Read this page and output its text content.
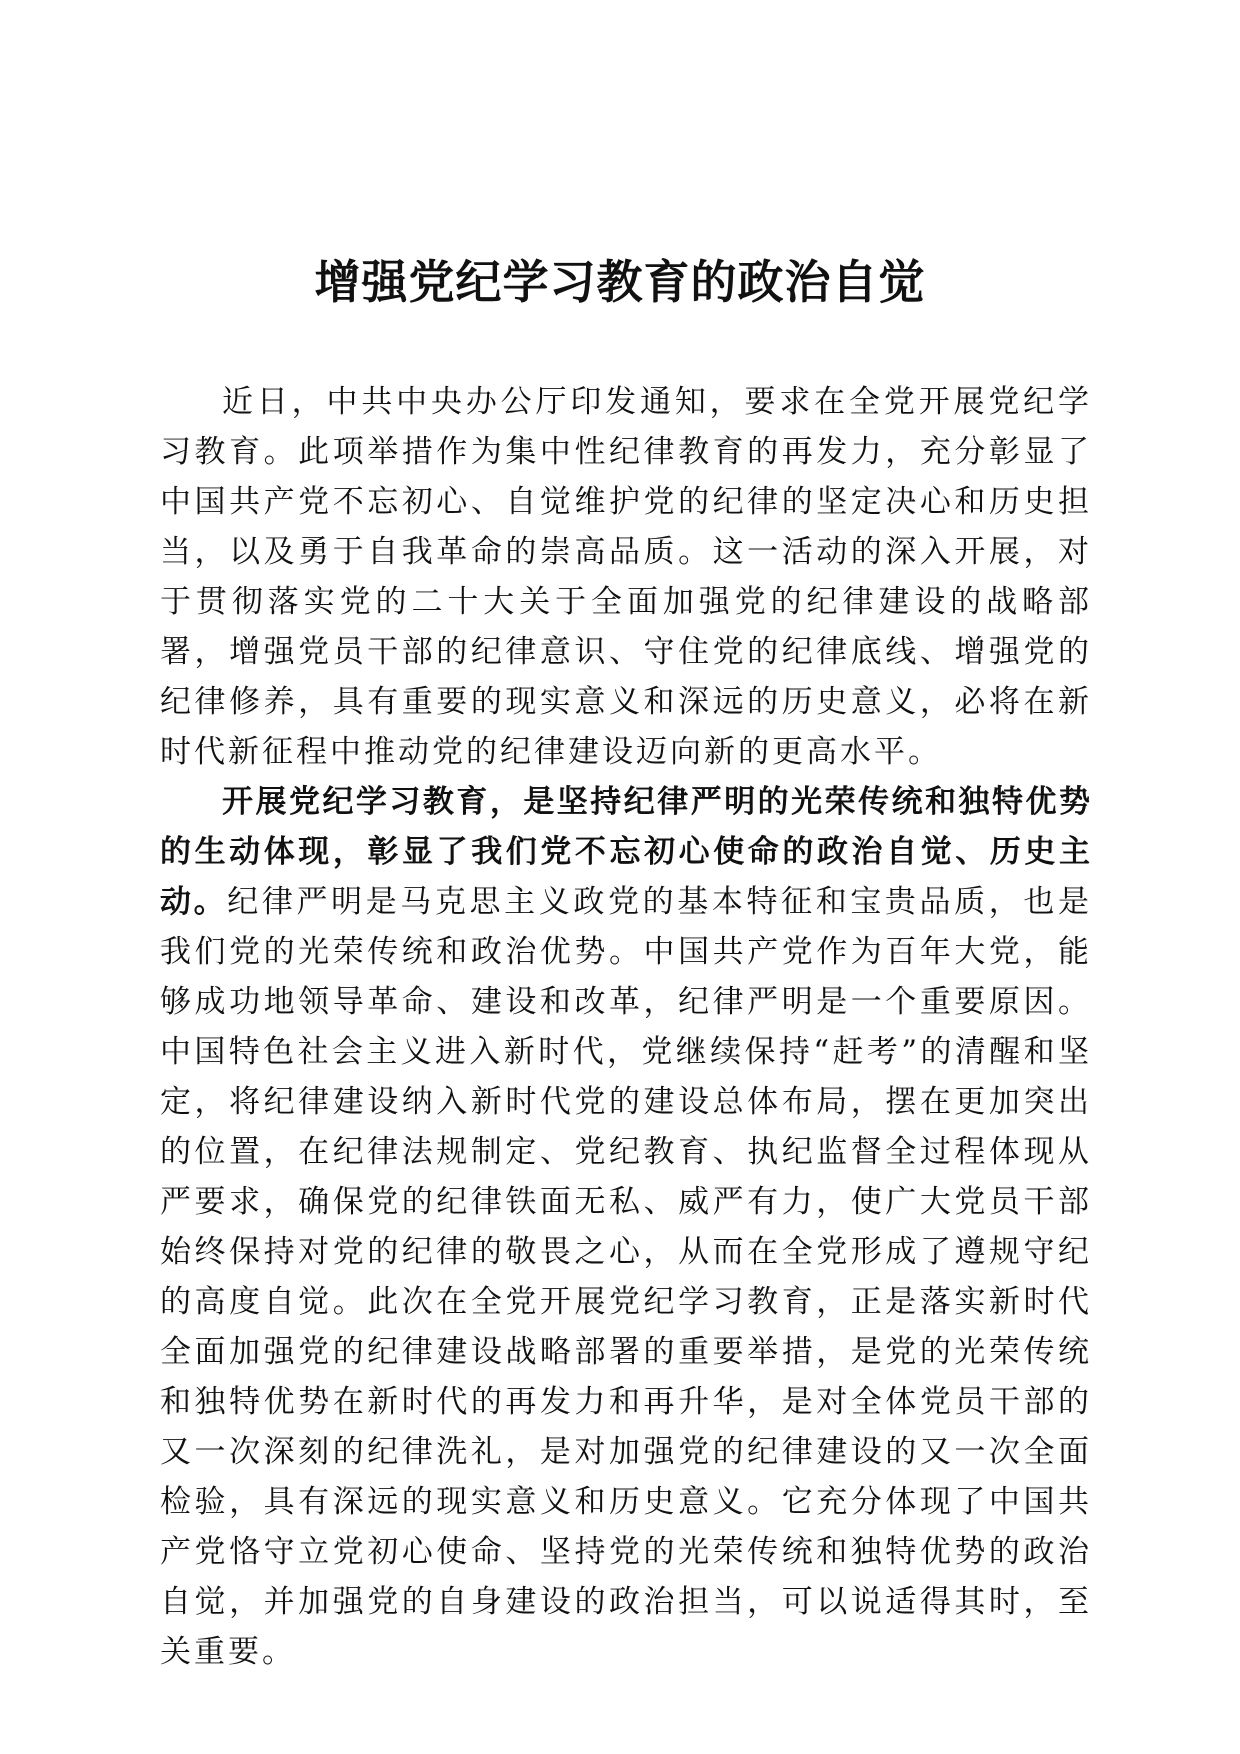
增强党纪学习教育的政治自觉

近日，中共中央办公厅印发通知，要求在全党开展党纪学习教育。此项举措作为集中性纪律教育的再发力，充分彰显了中国共产党不忘初心、自觉维护党的纪律的坚定决心和历史担当，以及勇于自我革命的崇高品质。这一活动的深入开展，对于贯彻落实党的二十大关于全面加强党的纪律建设的战略部署，增强党员干部的纪律意识、守住党的纪律底线、增强党的纪律修养，具有重要的现实意义和深远的历史意义，必将在新时代新征程中推动党的纪律建设迈向新的更高水平。

开展党纪学习教育，是坚持纪律严明的光荣传统和独特优势的生动体现，彰显了我们党不忘初心使命的政治自觉、历史主动。纪律严明是马克思主义政党的基本特征和宝贵品质，也是我们党的光荣传统和政治优势。中国共产党作为百年大党，能够成功地领导革命、建设和改革，纪律严明是一个重要原因。中国特色社会主义进入新时代，党继续保持“赶考”的清醒和坚定，将纪律建设纳入新时代党的建设总体布局，摆在更加突出的位置，在纪律法规制定、党纪教育、执纪监督全过程体现从严要求，确保党的纪律铁面无私、威严有力，使广大党员干部始终保持对党的纪律的敬畏之心，从而在全党形成了遵规守纪的高度自觉。此次在全党开展党纪学习教育，正是落实新时代全面加强党的纪律建设战略部署的重要举措，是党的光荣传统和独特优势在新时代的再发力和再升华，是对全体党员干部的又一次深刻的纪律洗礼，是对加强党的纪律建设的又一次全面检验，具有深远的现实意义和历史意义。它充分体现了中国共产党恪守立党初心使命、坚持党的光荣传统和独特优势的政治自觉，并加强党的自身建设的政治担当，可以说适得其时，至关重要。
